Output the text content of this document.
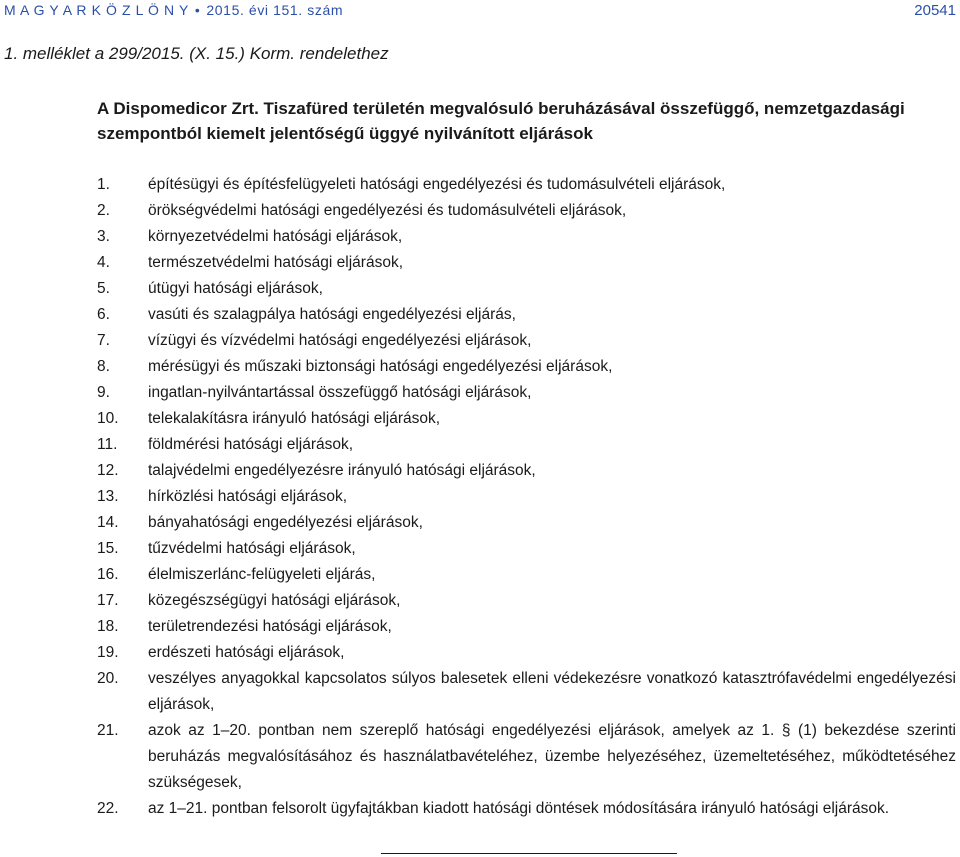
M A G Y A R K Ö Z L Ö N Y • 2015. évi 151. szám	20541
1. melléklet a 299/2015. (X. 15.) Korm. rendelethez
A Dispomedicor Zrt. Tiszafüred területén megvalósuló beruházásával összefüggő, nemzetgazdasági szempontból kiemelt jelentőségű üggyé nyilvánított eljárások
1.	építésügyi és építésfelügyeleti hatósági engedélyezési és tudomásulvételi eljárások,
2.	örökségvédelmi hatósági engedélyezési és tudomásulvételi eljárások,
3.	környezetvédelmi hatósági eljárások,
4.	természetvédelmi hatósági eljárások,
5.	útügyi hatósági eljárások,
6.	vasúti és szalagpálya hatósági engedélyezési eljárás,
7.	vízügyi és vízvédelmi hatósági engedélyezési eljárások,
8.	mérésügyi és műszaki biztonsági hatósági engedélyezési eljárások,
9.	ingatlan-nyilvántartással összefüggő hatósági eljárások,
10.	telekalakításra irányuló hatósági eljárások,
11.	földmérési hatósági eljárások,
12.	talajvédelmi engedélyezésre irányuló hatósági eljárások,
13.	hírközlési hatósági eljárások,
14.	bányahatósági engedélyezési eljárások,
15.	tűzvédelmi hatósági eljárások,
16.	élelmiszerlánc-felügyeleti eljárás,
17.	közegészségügyi hatósági eljárások,
18.	területrendezési hatósági eljárások,
19.	erdészeti hatósági eljárások,
20.	veszélyes anyagokkal kapcsolatos súlyos balesetek elleni védekezésre vonatkozó katasztrófavédelmi engedélyezési eljárások,
21.	azok az 1–20. pontban nem szereplő hatósági engedélyezési eljárások, amelyek az 1. § (1) bekezdése szerinti beruházás megvalósításához és használatbavételéhez, üzembe helyezéséhez, üzemeltetéséhez, működtetéséhez szükségesek,
22.	az 1–21. pontban felsorolt ügyfajtákban kiadott hatósági döntések módosítására irányuló hatósági eljárások.
